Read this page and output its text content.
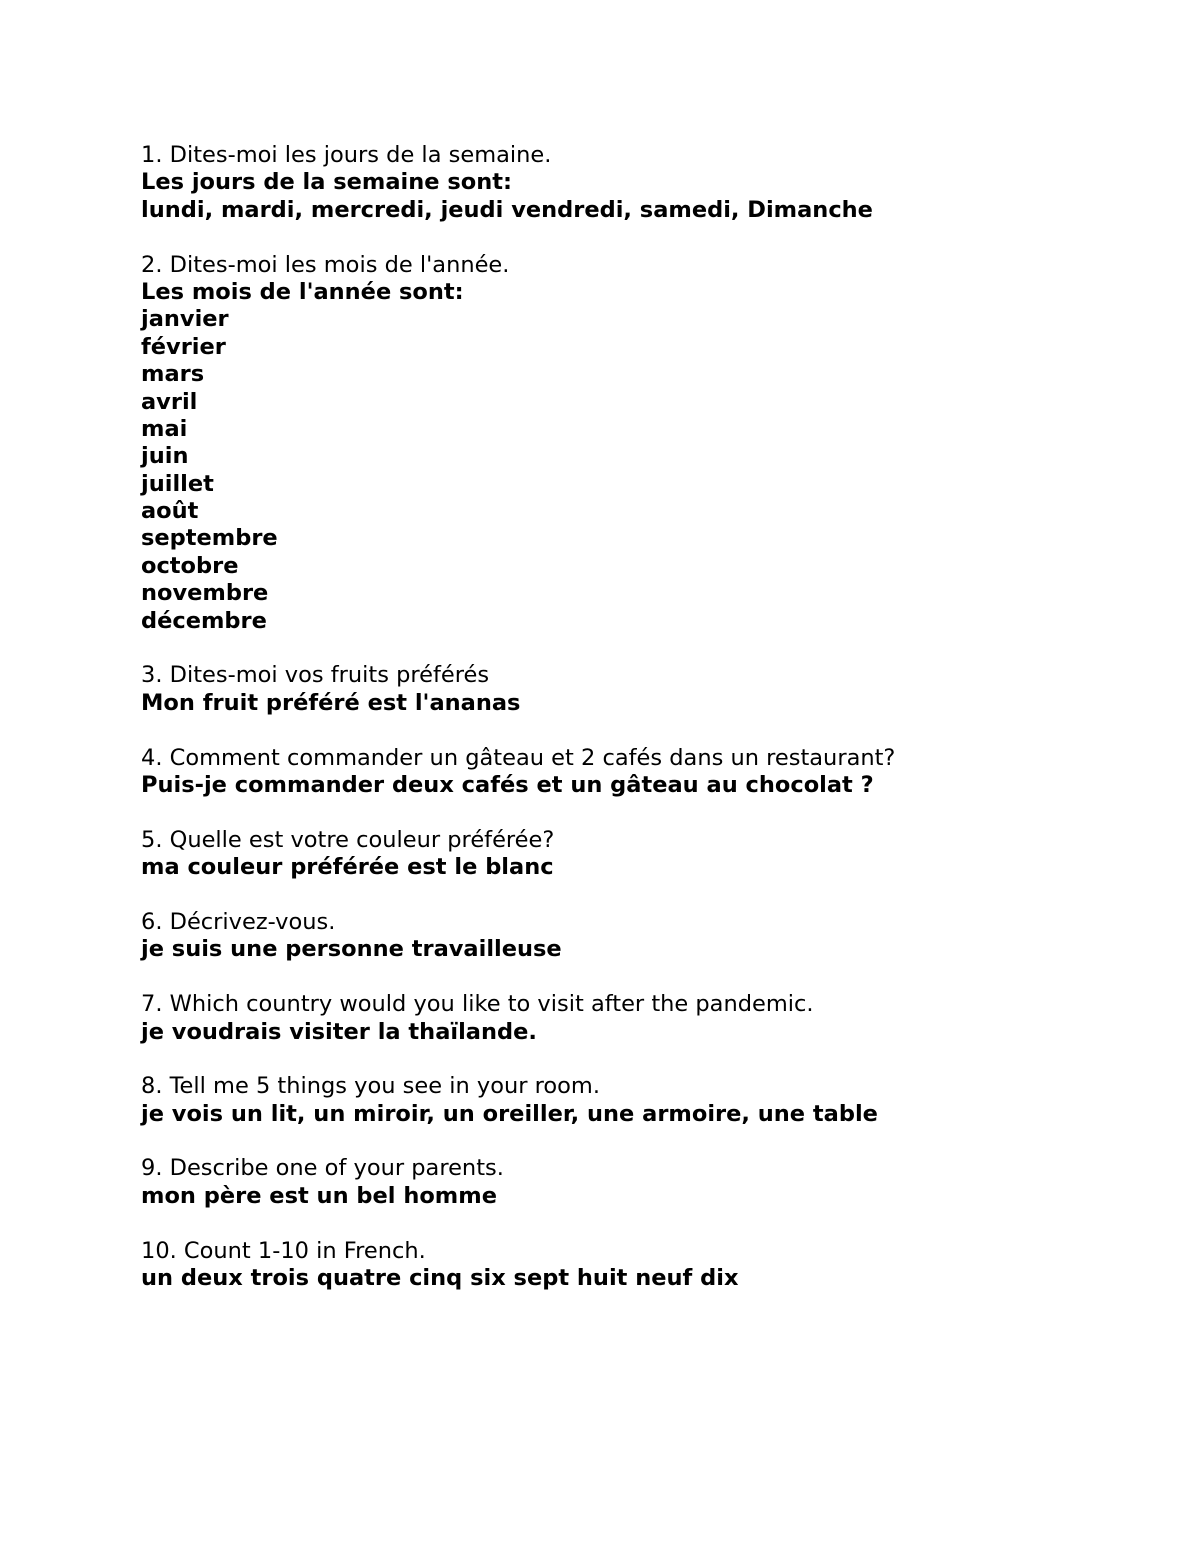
1. Dites-moi les jours de la semaine.

Les jours de la semaine sont:

lundi, mardi, mercredi, jeudi vendredi, samedi, Dimanche

2. Dites-moi les mois de l'année.

Les mois de l'année sont:

janvier

février

mars

avril

mai

juin

juillet

août

septembre

octobre

novembre

décembre

3. Dites-moi vos fruits préférés

Mon fruit préféré est l'ananas

4. Comment commander un gâteau et 2 cafés dans un restaurant?

Puis-je commander deux cafés et un gâteau au chocolat ?

5. Quelle est votre couleur préférée?

ma couleur préférée est le blanc

6. Décrivez-vous.

je suis une personne travailleuse

7. Which country would you like to visit after the pandemic.

je voudrais visiter la thaïlande.

8. Tell me 5 things you see in your room.

je vois un lit, un miroir, un oreiller, une armoire, une table

9. Describe one of your parents.

mon père est un bel homme

10. Count 1-10 in French.

un deux trois quatre cinq six sept huit neuf dix
